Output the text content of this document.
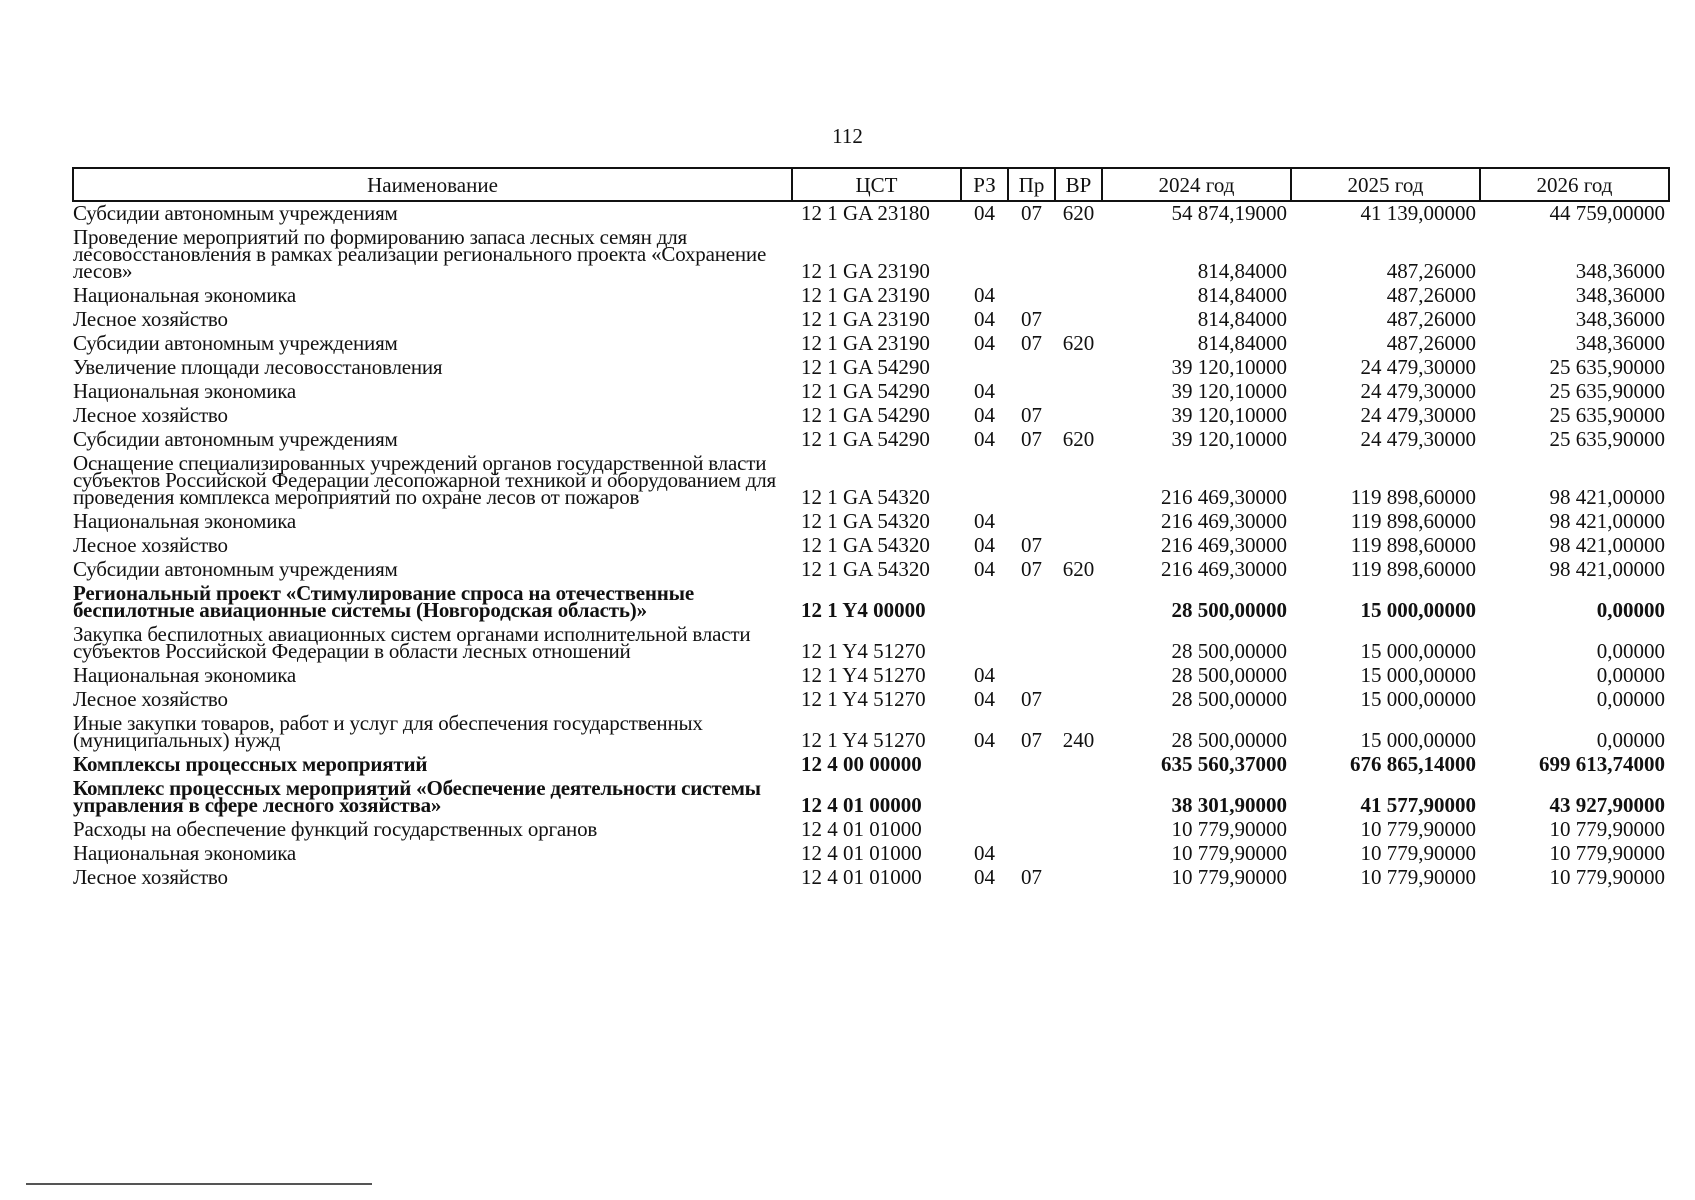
112
Наименование	ЦСТ	РЗ	Пр	ВР	2024 год	2025 год	2026 год
Субсидии автономным учреждениям	12 1 GA 23180	04	07	620	54 874,19000	41 139,00000	44 759,00000
Проведение мероприятий по формированию запаса лесных семян для лесовосстановления в рамках реализации регионального проекта «Сохранение лесов»	12 1 GA 23190				814,84000	487,26000	348,36000
Национальная экономика	12 1 GA 23190	04			814,84000	487,26000	348,36000
Лесное хозяйство	12 1 GA 23190	04	07		814,84000	487,26000	348,36000
Субсидии автономным учреждениям	12 1 GA 23190	04	07	620	814,84000	487,26000	348,36000
Увеличение площади лесовосстановления	12 1 GA 54290				39 120,10000	24 479,30000	25 635,90000
Национальная экономика	12 1 GA 54290	04			39 120,10000	24 479,30000	25 635,90000
Лесное хозяйство	12 1 GA 54290	04	07		39 120,10000	24 479,30000	25 635,90000
Субсидии автономным учреждениям	12 1 GA 54290	04	07	620	39 120,10000	24 479,30000	25 635,90000
Оснащение специализированных учреждений органов государственной власти субъектов Российской Федерации лесопожарной техникой и оборудованием для проведения комплекса мероприятий по охране лесов от пожаров	12 1 GA 54320				216 469,30000	119 898,60000	98 421,00000
Национальная экономика	12 1 GA 54320	04			216 469,30000	119 898,60000	98 421,00000
Лесное хозяйство	12 1 GA 54320	04	07		216 469,30000	119 898,60000	98 421,00000
Субсидии автономным учреждениям	12 1 GA 54320	04	07	620	216 469,30000	119 898,60000	98 421,00000
Региональный проект «Стимулирование спроса на отечественные беспилотные авиационные системы (Новгородская область)»	12 1 Y4 00000				28 500,00000	15 000,00000	0,00000
Закупка беспилотных авиационных систем органами исполнительной власти субъектов Российской Федерации в области лесных отношений	12 1 Y4 51270				28 500,00000	15 000,00000	0,00000
Национальная экономика	12 1 Y4 51270	04			28 500,00000	15 000,00000	0,00000
Лесное хозяйство	12 1 Y4 51270	04	07		28 500,00000	15 000,00000	0,00000
Иные закупки товаров, работ и услуг для обеспечения государственных (муниципальных) нужд	12 1 Y4 51270	04	07	240	28 500,00000	15 000,00000	0,00000
Комплексы процессных мероприятий	12 4 00 00000				635 560,37000	676 865,14000	699 613,74000
Комплекс процессных мероприятий «Обеспечение деятельности системы управления в сфере лесного хозяйства»	12 4 01 00000				38 301,90000	41 577,90000	43 927,90000
Расходы на обеспечение функций государственных органов	12 4 01 01000				10 779,90000	10 779,90000	10 779,90000
Национальная экономика	12 4 01 01000	04			10 779,90000	10 779,90000	10 779,90000
Лесное хозяйство	12 4 01 01000	04	07		10 779,90000	10 779,90000	10 779,90000
